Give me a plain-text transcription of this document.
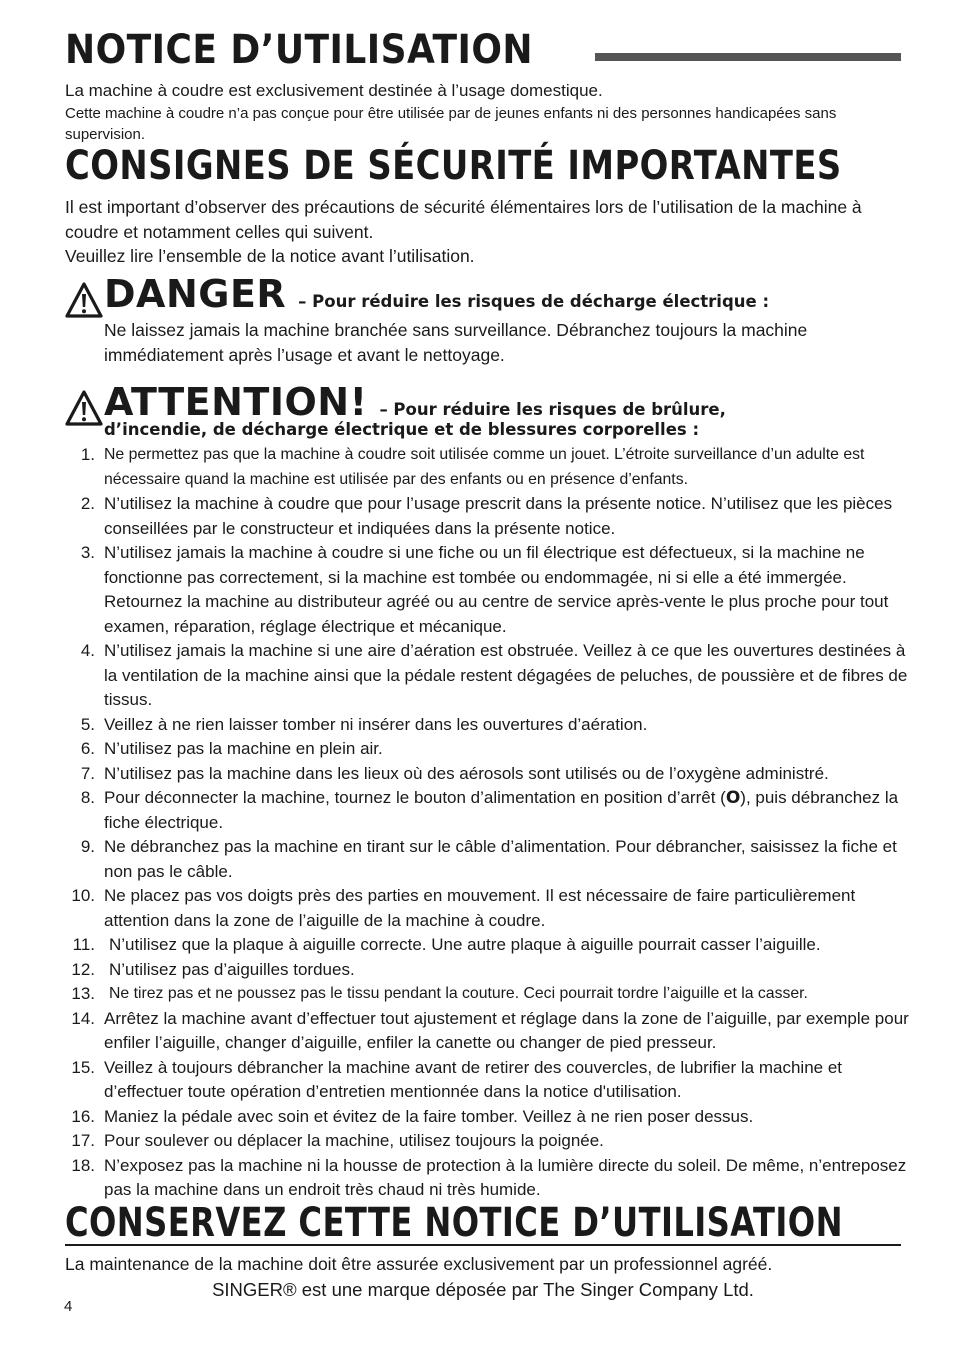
NOTICE D’UTILISATION
La machine à coudre est exclusivement destinée à l’usage domestique.
Cette machine à coudre n’a pas conçue pour être utilisée par de jeunes enfants ni des personnes handicapées sans supervision.
CONSIGNES DE SÉCURITÉ IMPORTANTES
Il est important d’observer des précautions de sécurité élémentaires lors de l’utilisation de la machine à coudre et notamment celles qui suivent.
Veuillez lire l’ensemble de la notice avant l’utilisation.
DANGER – Pour réduire les risques de décharge électrique :
Ne laissez jamais la machine branchée sans surveillance. Débranchez toujours la machine immédiatement après l’usage et avant le nettoyage.
ATTENTION! – Pour réduire les risques de brûlure,
d’incendie, de décharge électrique et de blessures corporelles :
1. Ne permettez pas que la machine à coudre soit utilisée comme un jouet. L’étroite surveillance d’un adulte est nécessaire quand la machine est utilisée par des enfants ou en présence d’enfants.
2. N’utilisez la machine à coudre que pour l’usage prescrit dans la présente notice. N’utilisez que les pièces conseillées par le constructeur et indiquées dans la présente notice.
3. N’utilisez jamais la machine à coudre si une fiche ou un fil électrique est défectueux, si la machine ne fonctionne pas correctement, si la machine est tombée ou endommagée, ni si elle a été immergée. Retournez la machine au distributeur agréé ou au centre de service après-vente le plus proche pour tout examen, réparation, réglage électrique et mécanique.
4. N’utilisez jamais la machine si une aire d’aération est obstruée. Veillez à ce que les ouvertures destinées à la ventilation de la machine ainsi que la pédale restent dégagées de peluches, de poussière et de fibres de tissus.
5. Veillez à ne rien laisser tomber ni insérer dans les ouvertures d’aération.
6. N’utilisez pas la machine en plein air.
7. N’utilisez pas la machine dans les lieux où des aérosols sont utilisés ou de l’oxygène administré.
8. Pour déconnecter la machine, tournez le bouton d’alimentation en position d’arrêt (O), puis débranchez la fiche électrique.
9. Ne débranchez pas la machine en tirant sur le câble d’alimentation. Pour débrancher, saisissez la fiche et non pas le câble.
10. Ne placez pas vos doigts près des parties en mouvement. Il est nécessaire de faire particulièrement attention dans la zone de l’aiguille de la machine à coudre.
11. N’utilisez que la plaque à aiguille correcte. Une autre plaque à aiguille pourrait casser l’aiguille.
12. N’utilisez pas d’aiguilles tordues.
13. Ne tirez pas et ne poussez pas le tissu pendant la couture. Ceci pourrait tordre l’aiguille et la casser.
14. Arrêtez la machine avant d’effectuer tout ajustement et réglage dans la zone de l’aiguille, par exemple pour enfiler l’aiguille, changer d’aiguille, enfiler la canette ou changer de pied presseur.
15. Veillez à toujours débrancher la machine avant de retirer des couvercles, de lubrifier la machine et d’effectuer toute opération d’entretien mentionnée dans la notice d'utilisation.
16. Maniez la pédale avec soin et évitez de la faire tomber. Veillez à ne rien poser dessus.
17. Pour soulever ou déplacer la machine, utilisez toujours la poignée.
18. N’exposez pas la machine ni la housse de protection à la lumière directe du soleil. De même, n’entreposez pas la machine dans un endroit très chaud ni très humide.
CONSERVEZ CETTE NOTICE D’UTILISATION
La maintenance de la machine doit être assurée exclusivement par un professionnel agréé.
SINGER® est une marque déposée par The Singer Company Ltd.
4
